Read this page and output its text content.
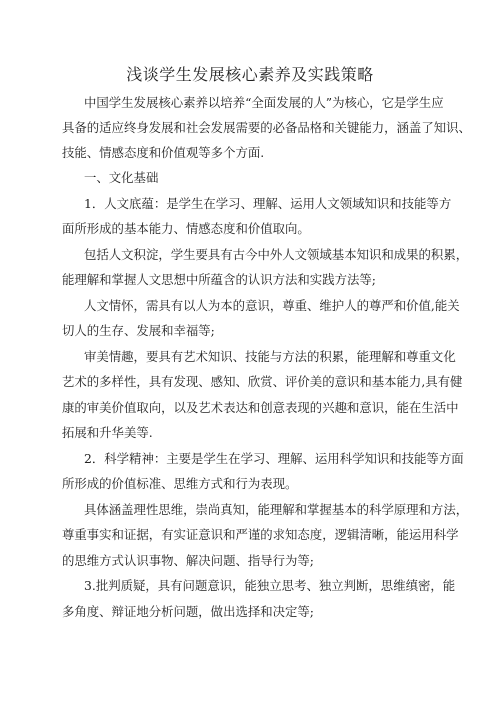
浅谈学生发展核心素养及实践策略
中国学生发展核心素养以培养“全面发展的人”为核心，它是学生应
具备的适应终身发展和社会发展需要的必备品格和关键能力，涵盖了知识、
技能、情感态度和价值观等多个方面.
一、文化基础
1．人文底蕴：是学生在学习、理解、运用人文领域知识和技能等方
面所形成的基本能力、情感态度和价值取向。
包括人文积淀，学生要具有古今中外人文领域基本知识和成果的积累，
能理解和掌握人文思想中所蕴含的认识方法和实践方法等;
人文情怀，需具有以人为本的意识，尊重、维护人的尊严和价值,能关
切人的生存、发展和幸福等;
审美情趣，要具有艺术知识、技能与方法的积累，能理解和尊重文化
艺术的多样性，具有发现、感知、欣赏、评价美的意识和基本能力,具有健
康的审美价值取向，以及艺术表达和创意表现的兴趣和意识，能在生活中
拓展和升华美等.
2．科学精神：主要是学生在学习、理解、运用科学知识和技能等方面
所形成的价值标准、思维方式和行为表现。
具体涵盖理性思维，崇尚真知，能理解和掌握基本的科学原理和方法，
尊重事实和证据，有实证意识和严谨的求知态度，逻辑清晰，能运用科学
的思维方式认识事物、解决问题、指导行为等;
3.批判质疑，具有问题意识，能独立思考、独立判断，思维缜密，能
多角度、辩证地分析问题，做出选择和决定等;
